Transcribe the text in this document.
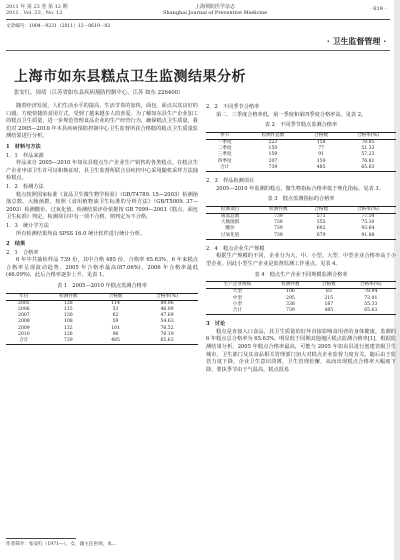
2011 年 第 23 卷 第 12 期
2011 , Vol. 23 , No. 12
上海预防医学杂志
Shanghai Journal of Preventive Medicine
· 619 ·
文章编号：1004－9231（2011）12－0619－02
· 卫生监督管理 ·
上海市如东县糕点卫生监测结果分析
张安红，周靖（江苏省如东县疾病预防控制中心，江苏 如东 226400）

随着经济发展，人们生活水平的提高，生活节奏的加快，面包、面点以其良好的口感，方便快捷的食用方式，受到了越来越多人的喜爱。为了解如东县生产企业加工的糕点卫生质量，进一步规范管理食品企业的生产经营行为，确保糕点卫生质量，我们对 2005—2010 年本县疾病预防控制中心卫生监督所获合格糕的糕点卫生质量监测结果进行分析。

1　材料与方法
1．1　样品来源

样品来自 2005—2010 年如东县糕点生产企业生产销售的各类糕点。在糕点生产企业申请卫生许可证和换证时，县卫生监督所联合县疾控中心采用随机采样方法抽检糕点。

1．2　检测方法

糕点按照国家标准《食品卫生微生物学检验》（GB/T4789. 15—2003）检测菌落总数、大肠菌群，按照《食用植物油卫生标准的分析方法》（GB/T5009. 37—2003）检测酸价、过氧化值。检测结果评价依据按 GB 7099—2003《糕点、面包卫生标准》判定，检测项目中有一项不合格，则判定为不合格。

1．3　统计学方法

所有检测结果均由 SPSS 16.0 统计软件进行统计分析。

2　结果
2．1　合格率

6 年中共抽检样品 739 份，其中合格 485 份，合格率 65.63%，6 年来糕点合格率呈现波动趋势，2005 年合格率最高(87.06%)，2006 年合格率最低(46.09%)，此后合格率逐步上升。见表 1。

表 1　2005—2010 年糕点监测合格率
年份	检测件数	合格数	合格率(%)
2005	128	114	89.06
2006	115	53	46.09
2007	130	62	47.69
2008	108	59	54.63
2009	132	101	76.52
2010	126	96	76.19
合计	739	485	65.63
2．2　不同季节合格率

第二、三季度合格率低，第一季度和第四季度合格率高。见表 2。

表 2　不同季节糕点监测合格率
季节	检测件总数	合格数	合格率(%)
一季度	223	158	70.85
二季度	150	77	51.33
三季度	159	91	57.23
四季度	207	159	76.81
合计	739	485	65.63
2．3　样品检测项目

2005—2010 年监测的糕点，微生物指标合格率低于理化指标。见表 3。

表 3　糕点监测指标的合格率
检测项目	检测件数	合格数	合格率(%)
菌落总数	739	573	77.54
大肠菌群	739	555	75.10
酸价	739	692	93.64
过氧化值	739	679	91.88
2．4　糕点企业生产规模

根据生产规模的不同，企业分为大、中、小型。大型、中型企业合格率高于小型企业。因此小型生产企业是监督监测工作重点。见表 4。

表 4　糕点生产企业不同规模监测合格率
生产企业规模	检测件数	合格数	合格率(%)
大型	106	83	78.94
中型	295	215	73.01
小型	338	187	55.33
合计	739	485	65.63
3　讨论

糕点是直接入口食品，其卫生质量的好坏直接影响食用者的身体健康。监测的 6 年糕点总合格率为 65.63%，明显低于同期其他地区糕点监测合格率[1]，根据监测结果分析，2005 年糕点合格率最高，可能与 2005 年如东县进行创建省级卫生城市，卫生部门及其食品相关管理部门加大对糕点企业监督力度有关。随后由于监管力度下降，企业卫生意识淡薄，卫生管理松懈，从而出现糕点合格率大幅度下降。要执季节由于气温高，糕点很易

作者简介：张安红（1971—），女，副主任医师，本...
